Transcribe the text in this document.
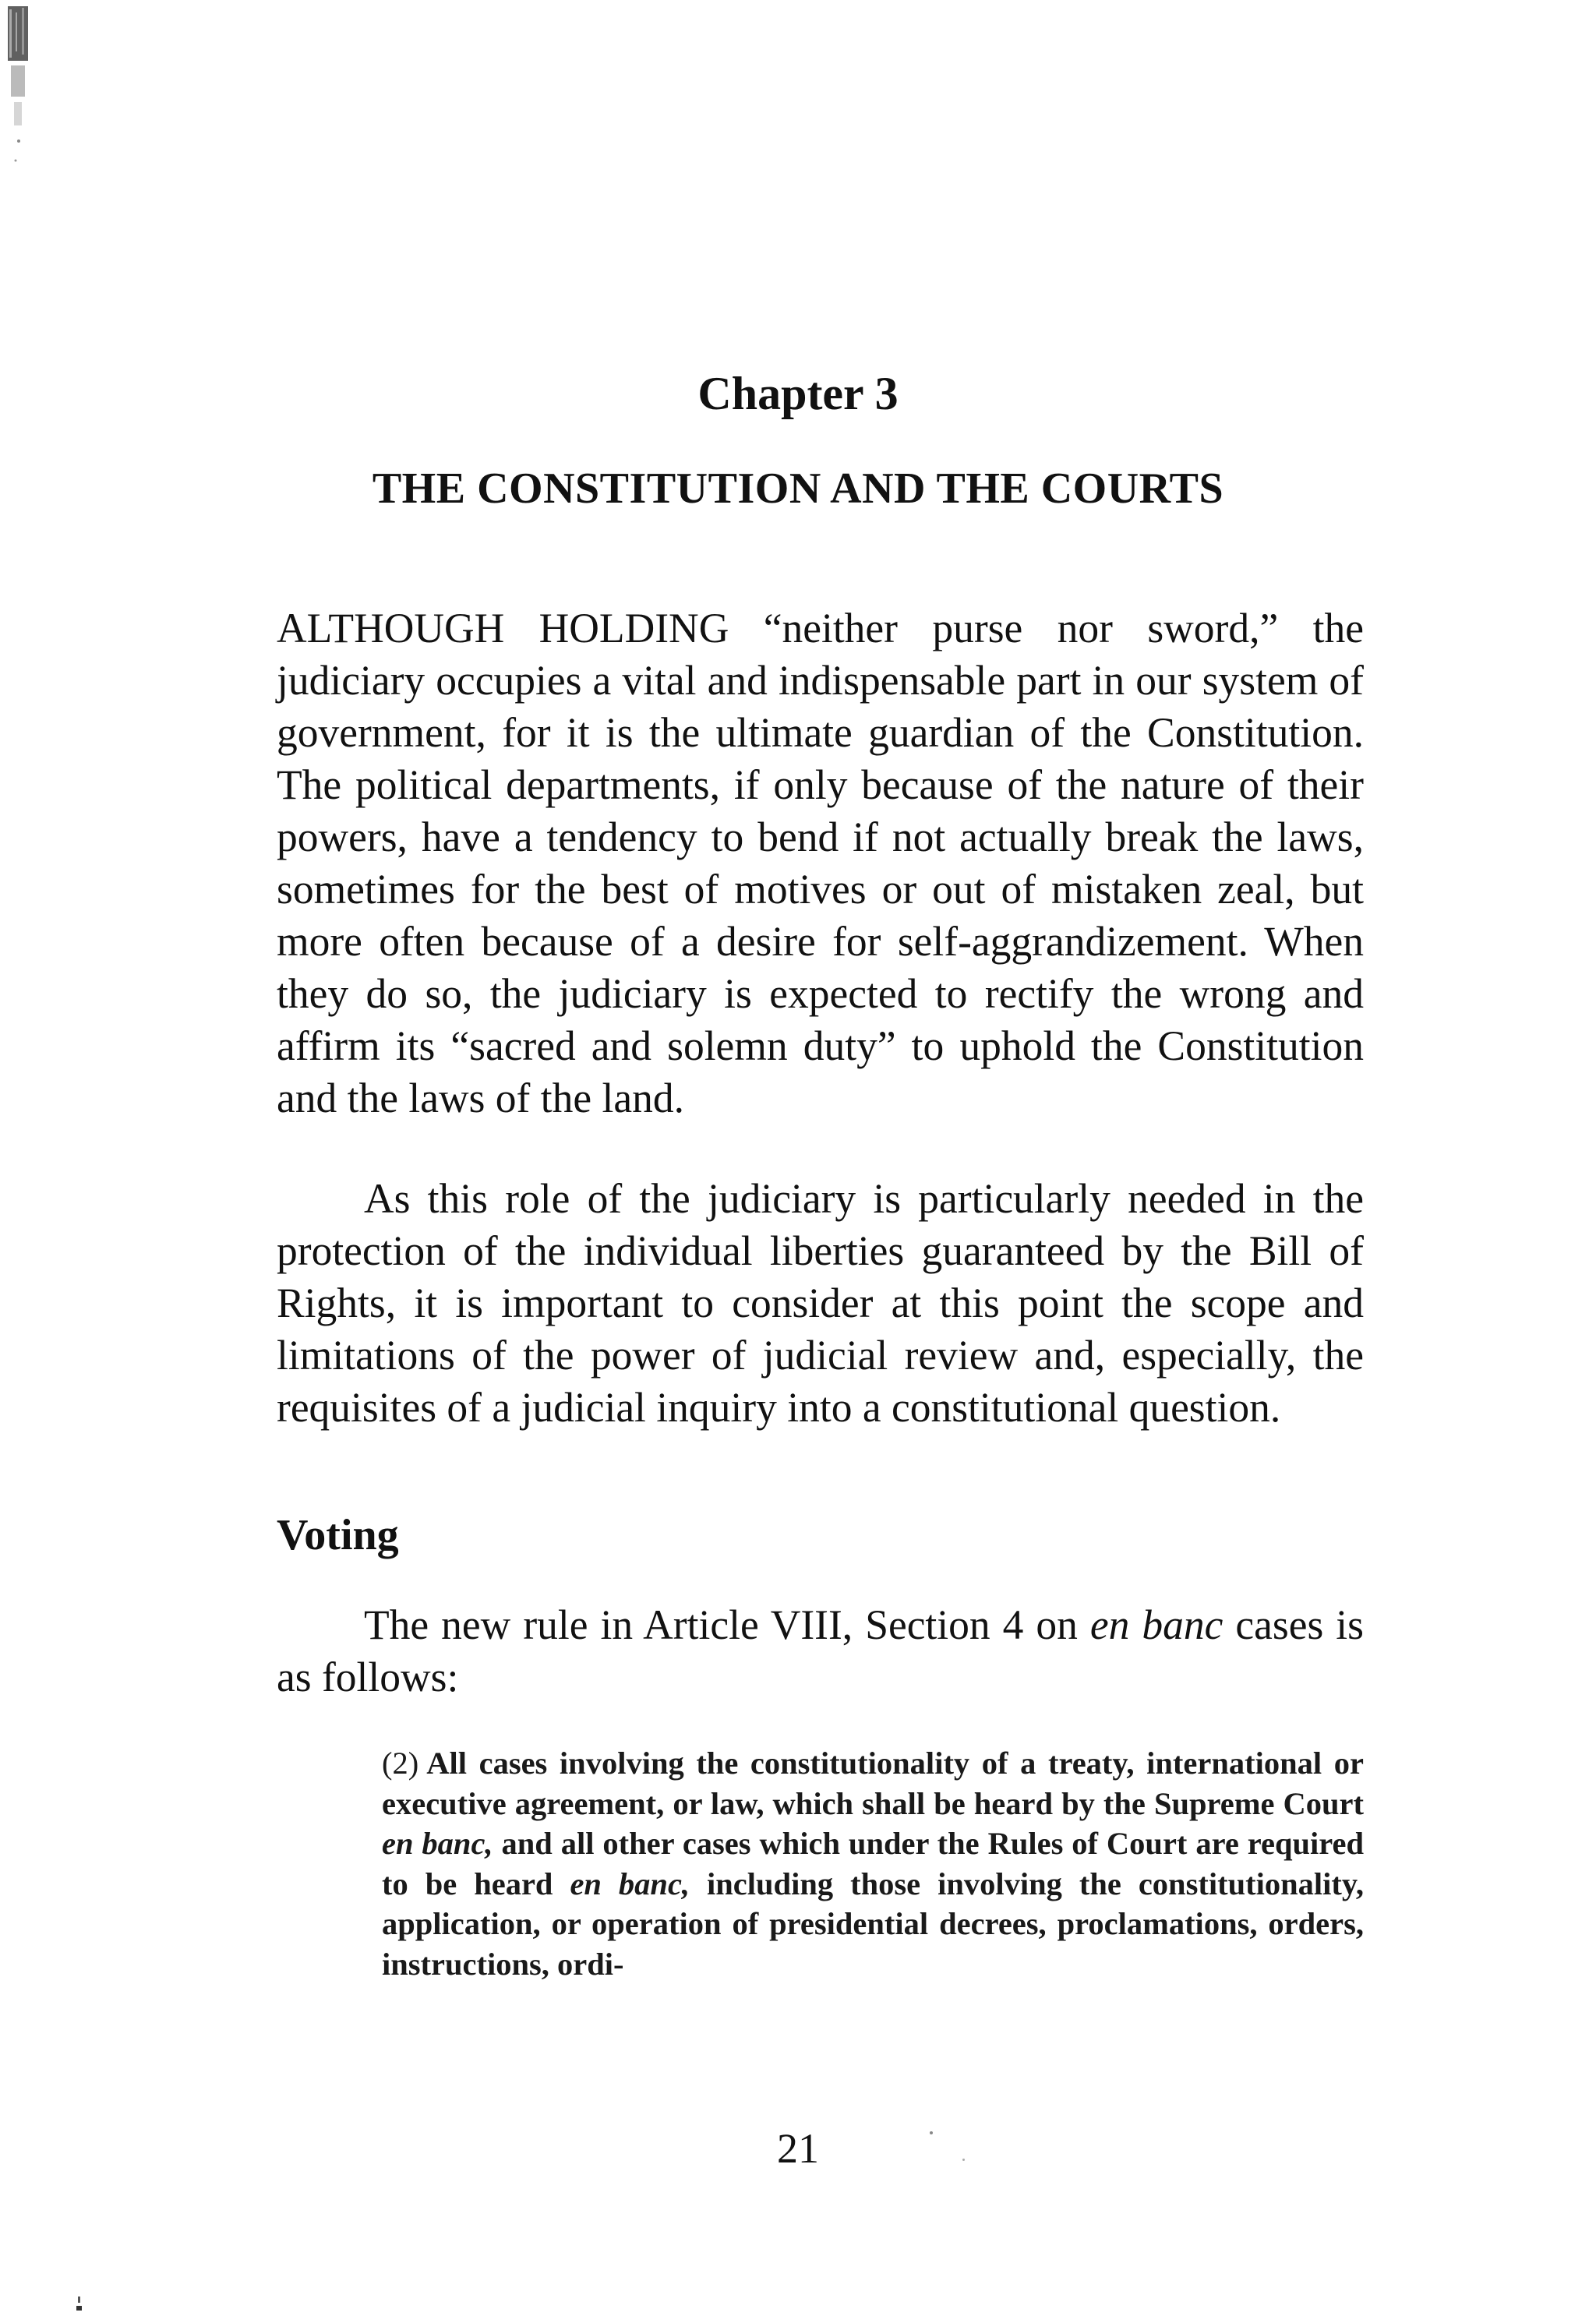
Chapter 3
THE CONSTITUTION AND THE COURTS

ALTHOUGH HOLDING “neither purse nor sword,” the judiciary occupies a vital and indispensable part in our system of government, for it is the ultimate guardian of the Constitution. The political departments, if only because of the nature of their powers, have a tendency to bend if not actually break the laws, sometimes for the best of motives or out of mistaken zeal, but more often because of a desire for self-aggrandizement. When they do so, the judiciary is expected to rectify the wrong and affirm its “sacred and solemn duty” to uphold the Constitution and the laws of the land.

As this role of the judiciary is particularly needed in the protection of the individual liberties guaranteed by the Bill of Rights, it is important to consider at this point the scope and limitations of the power of judicial review and, especially, the requisites of a judicial inquiry into a constitutional question.

Voting

The new rule in Article VIII, Section 4 on en banc cases is as follows:

(2) All cases involving the constitutionality of a treaty, international or executive agreement, or law, which shall be heard by the Supreme Court en banc, and all other cases which under the Rules of Court are required to be heard en banc, including those involving the constitutionality, application, or operation of presidential decrees, proclamations, orders, instructions, ordi-

21
